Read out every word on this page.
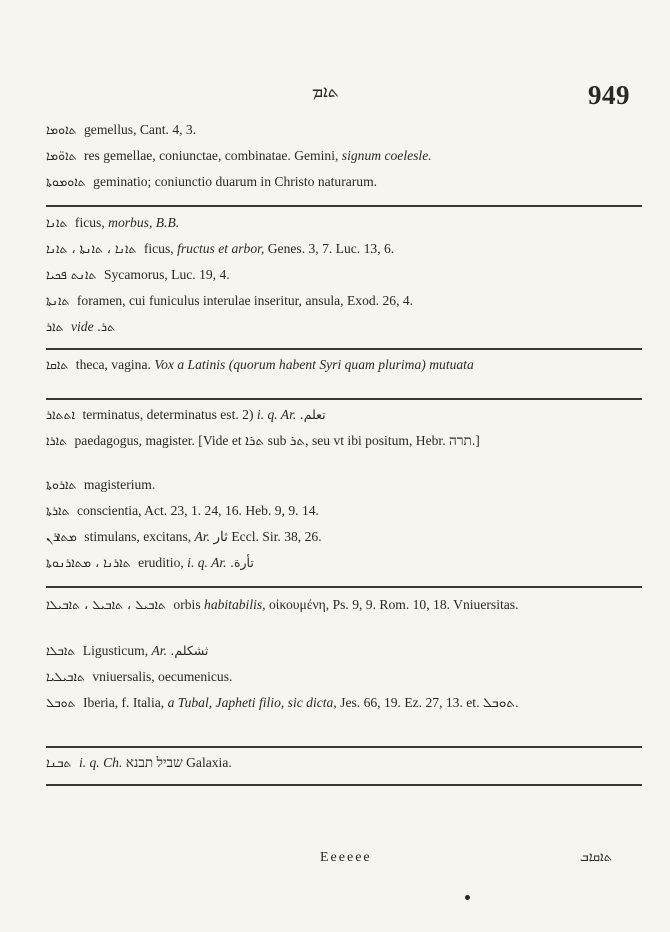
ܬܐܡ	949
ܬܐܘܡܐ gemellus, Cant. 4, 3.
ܬܐܘ̈ܡܐ res gemellae, coniunctae, combinatae. Gemini, signum coelesle.
ܬܐܘܡܘܬܐ geminatio; coniunctio duarum in Christo naturarum.
ܬܐܢܐ ficus, morbus, B.B.
ܬܐܢܐ ، ܬܐܢܬܐ ، ܬܐܢܐ ficus, fructus et arbor, Genes. 3, 7. Luc. 13, 6.
ܬܐܢܬ ܦܟܝܐ Sycamorus, Luc. 19, 4.
ܬܐܢܬܐ foramen, cui funiculus interulae inseritur, ansula, Exod. 26, 4.
ܬܐܪ vide ܬܪ.
ܬܐܩܐ theca, vagina. Vox a Latinis (quorum habent Syri quam plurima) mutuata
ܐܬܬܐܪ terminatus, determinatus est. 2) i. q. Ar. تعلم.
ܬܐܪܐ paedagogus, magister. [Vide et ܬܪܐ sub ܬܪ, seu vt ibi positum, Hebr. תרה.]
ܬܐܪܘܬܐ magisterium.
ܬܐܪܬܐ conscientia, Act. 23, 1. 24, 16. Heb. 9, 9. 14.
ܡܬܐܪܢ stimulans, excitans, Ar. ثار Eccl. Sir. 38, 26.
ܬܐܪܢܐ ، ܡܬܐܪܢܘܬܐ eruditio, i. q. Ar. تأرة.
ܬܐܒܝܠ ، ܬܐܒܝܠ ، ܬܐܒܝܠܐ orbis habitabilis, οἰκουμένη, Ps. 9, 9. Rom. 10, 18. Vniuersitas.
ܬܐܒܠܐ Ligusticum, Ar. ثشكلم.
ܬܐܒܝܠܝܐ vniuersalis, oecumenicus.
ܬܘܒܠ Iberia, f. Italia, a Tubal, Japheti filio, sic dicta, Jes. 66, 19. Ez. 27, 13. et. ܬܘܒܠ.
ܬܒܢܐ i. q. Ch. שביל תבנא Galaxia.
Eeeeee	ܬܐܩܐܒ
